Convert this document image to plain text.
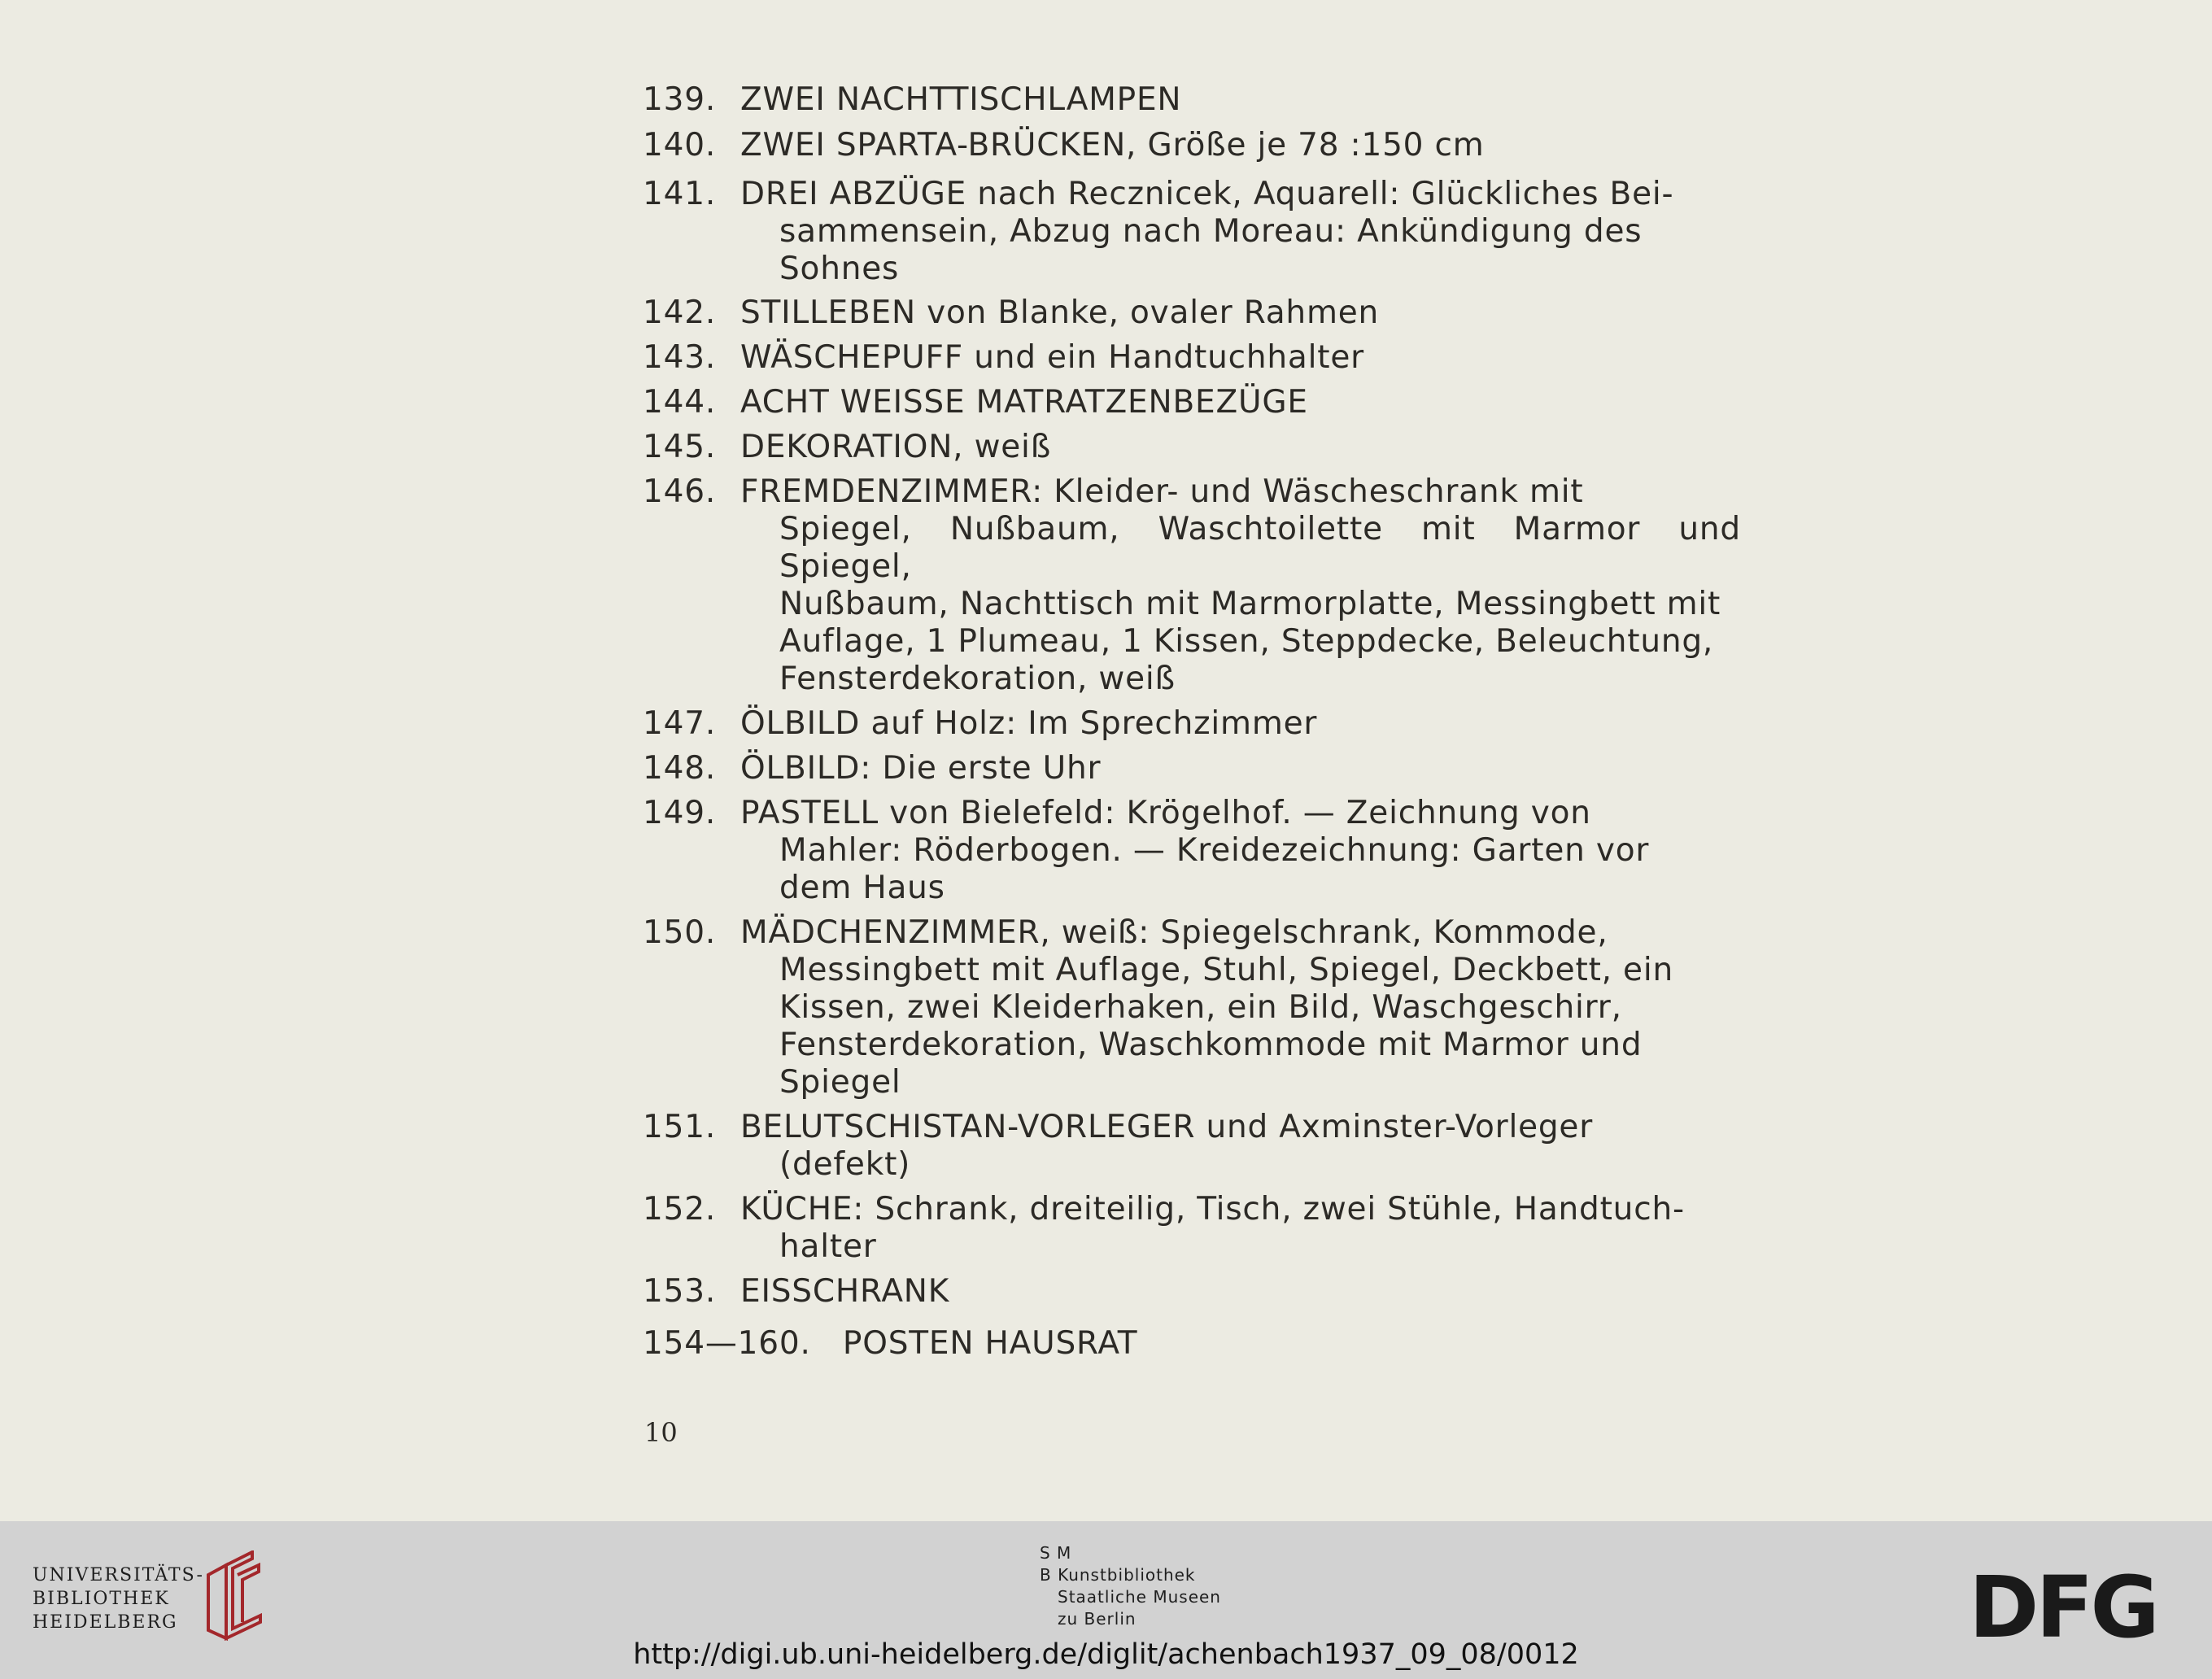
139. ZWEI NACHTTISCHLAMPEN
140. ZWEI SPARTA-BRÜCKEN, Größe je 78 :150 cm
141. DREI ABZÜGE nach Recznicek, Aquarell: Glückliches Bei-
sammensein, Abzug nach Moreau: Ankündigung des
Sohnes
142. STILLEBEN von Blanke, ovaler Rahmen
143. WÄSCHEPUFF und ein Handtuchhalter
144. ACHT WEISSE MATRATZENBEZÜGE
145. DEKORATION, weiß
146. FREMDENZIMMER: Kleider- und Wäscheschrank mit
Spiegel, Nußbaum, Waschtoilette mit Marmor und Spiegel,
Nußbaum, Nachttisch mit Marmorplatte, Messingbett mit
Auflage, 1 Plumeau, 1 Kissen, Steppdecke, Beleuchtung,
Fensterdekoration, weiß
147. ÖLBILD auf Holz: Im Sprechzimmer
148. ÖLBILD: Die erste Uhr
149. PASTELL von Bielefeld: Krögelhof. — Zeichnung von
Mahler: Röderbogen. — Kreidezeichnung: Garten vor
dem Haus
150. MÄDCHENZIMMER, weiß: Spiegelschrank, Kommode,
Messingbett mit Auflage, Stuhl, Spiegel, Deckbett, ein
Kissen, zwei Kleiderhaken, ein Bild, Waschgeschirr,
Fensterdekoration, Waschkommode mit Marmor und
Spiegel
151. BELUTSCHISTAN-VORLEGER und Axminster-Vorleger
(defekt)
152. KÜCHE: Schrank, dreiteilig, Tisch, zwei Stühle, Handtuch-
halter
153. EISSCHRANK
154—160. POSTEN HAUSRAT
10
UNIVERSITÄTS-
BIBLIOTHEK
HEIDELBERG
S M
B Kunstbibliothek
Staatliche Museen
zu Berlin	DFG
http://digi.ub.uni-heidelberg.de/diglit/achenbach1937_09_08/0012
